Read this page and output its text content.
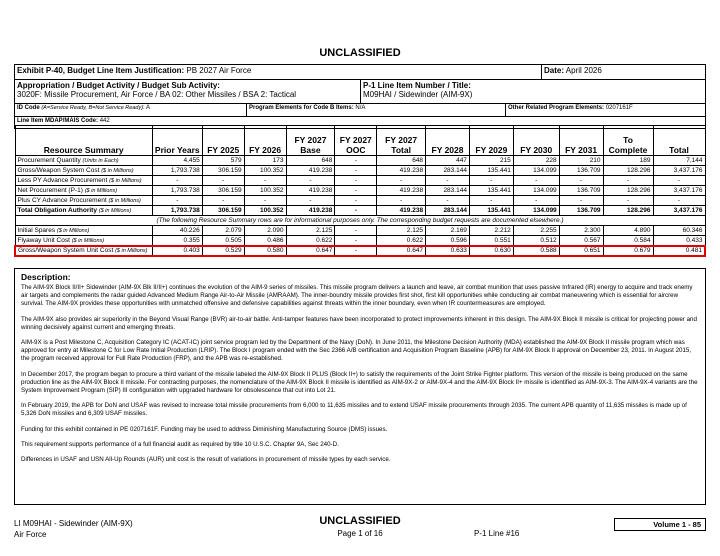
UNCLASSIFIED
Exhibit P-40, Budget Line Item Justification: PB 2027 Air Force	Date: April 2026
Appropriation / Budget Activity / Budget Sub Activity:
3020F: Missile Procurement, Air Force / BA 02: Other Missiles / BSA 2: Tactical
P-1 Line Item Number / Title:
M09HAI / Sidewinder (AIM-9X)
ID Code (A=Service Ready, B=Not Service Ready): A	Program Elements for Code B Items: N/A	Other Related Program Elements: 0207161F
Line Item MDAP/MAIS Code: 442
Resource Summary	Prior Years	FY 2025	FY 2026	FY 2027 Base	FY 2027 OOC	FY 2027 Total	FY 2028	FY 2029	FY 2030	FY 2031	To Complete	Total
Procurement Quantity (Units in Each)	4,455	579	173	648	-	648	447	215	228	210	189	7,144
Gross/Weapon System Cost ($ in Millions)	1,793.738	306.159	100.352	419.238	-	419.238	283.144	135.441	134.099	136.709	128.296	3,437.176
Less PY Advance Procurement ($ in Millions)	-	-	-	-	-	-	-	-	-	-	-	-
Net Procurement (P-1) ($ in Millions)	1,793.738	306.159	100.352	419.238	-	419.238	283.144	135.441	134.099	136.709	128.296	3,437.176
Plus CY Advance Procurement ($ in Millions)	-	-	-	-	-	-	-	-	-	-	-	-
Total Obligation Authority ($ in Millions)	1,793.738	306.159	100.352	419.238	-	419.238	283.144	135.441	134.099	136.709	128.296	3,437.176
(The following Resource Summary rows are for informational purposes only. The corresponding budget requests are documented elsewhere.)												
Initial Spares ($ in Millions)	40.226	2.079	2.090	2.125	-	2.125	2.169	2.212	2.255	2.300	4.890	60.346
Flyaway Unit Cost ($ in Millions)	0.355	0.505	0.486	0.622	-	0.622	0.596	0.551	0.512	0.567	0.584	0.433
Gross/Weapon System Unit Cost ($ in Millions)	0.403	0.529	0.580	0.647	-	0.647	0.633	0.630	0.588	0.651	0.679	0.481
Description:

The AIM-9X Block II/II+ Sidewinder (AIM-9X Blk II/II+) continues the evolution of the AIM-9 series of missiles. This missile program delivers a launch and leave, air combat munition that uses passive Infrared (IR) energy to acquire and track enemy air targets and complements the radar guided Advanced Medium Range Air-to-Air Missile (AMRAAM). The inner-boundry missile provides first shot, first kill opportunities while conducting air combat maneuvering which is essential for aircrew survival. The AIM-9X provides these opportunities with unmatched offensive and defensive capabilities against threats within the inner boundary, even when IR countermeasures are employed.

The AIM-9X also provides air superiority in the Beyond Visual Range (BVR) air-to-air battle. Anti-tamper features have been incorporated to protect improvements inherent in this design. The AIM-9X Block II missile is critical for projecting power and winning decisively against current and emerging threats.

AIM-9X is a Post Milestone C, Acquisition Category IC (ACAT-IC) joint service program led by the Department of the Navy (DoN). In June 2011, the Milestone Decision Authority (MDA) established the AIM-9X Block II missile program which was approved for entry at Milestone C for Low Rate Initial Production (LRIP). The Block I program ended with the Sec 2366 A/B certification and Acquisition Program Baseline (APB) for AIM-9X Block II approval on December 23, 2011. In August 2015, the program received approval for Full Rate Production (FRP), and the APB was re-established.

In December 2017, the program began to procure a third variant of the missile labeled the AIM-9X Block II PLUS (Block II+) to satisfy the requirements of the Joint Strike Fighter platform. This version of the missile is being produced on the same production line as the AIM-9X Block II missile. For contracting purposes, the nomenclature of the AIM-9X Block II missile is identified as AIM-9X-2 or AIM-9X-4 and the AIM-9X Block II+ missile is identified as AIM-9X-3. The AIM-9X-4 variants are the System Improvement Program (SIP) III configuration with upgraded hardware for obsolescence that cut into Lot 21.

In February 2019, the APB for DoN and USAF was revised to increase total missile procurements from 6,000 to 11,635 missiles and to extend USAF missile procurements through 2035. The current APB quantity of 11,635 missiles is made up of 5,326 DoN missiles and 6,309 USAF missiles.

Funding for this exhibit contained in PE 0207161F. Funding may be used to address Diminishing Manufacturing Source (DMS) issues.

This requirement supports performance of a full financial audit as required by title 10 U.S.C. Chapter 9A, Sec 240-D.

Differences in USAF and USN All-Up Rounds (AUR) unit cost is the result of variations in procurement of missile types by each service.

LI M09HAI - Sidewinder (AIM-9X)
Air Force
UNCLASSIFIED
Page 1 of 16	P-1 Line #16
Volume 1 - 85
